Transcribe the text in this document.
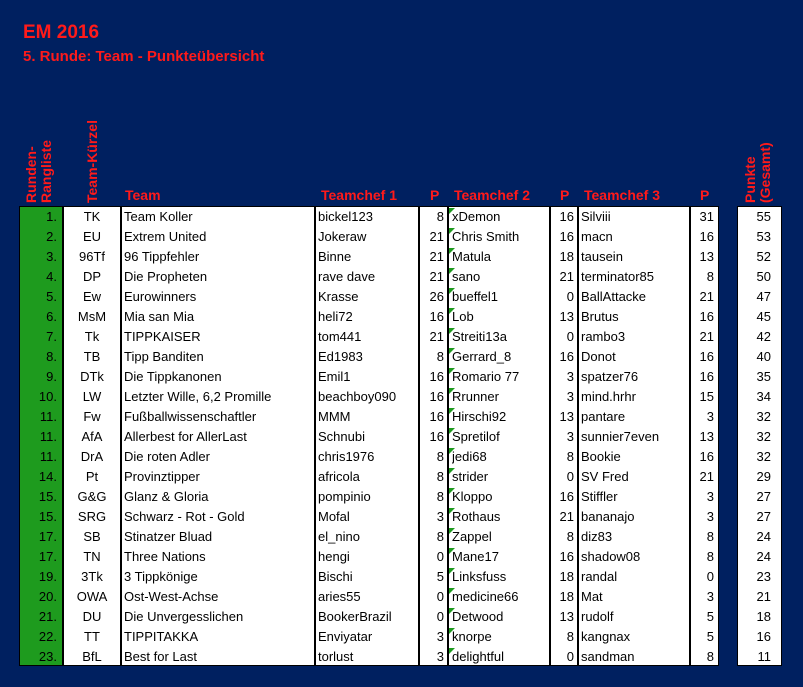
EM 2016
5. Runde: Team - Punkteübersicht
Runden- Rangliste Team-Kürzel	Punkte (Gesamt)
Team	Teamchef 1 P Teamchef 2 P Teamchef 3	P
1.	TK	Team Koller	bickel123	8 xDemon	16 Silviii	31	55
2.	EU	Extrem United	Jokeraw	21 Chris Smith	16 macn	16	53
3.	96Tf	96 Tippfehler	Binne	21 Matula	18 tausein	13	52
4.	DP	Die Propheten	rave dave	21 sano	21 terminator85	8	50
5.	Ew	Eurowinners	Krasse	26 bueffel1	0 BallAttacke	21	47
6.	MsM	Mia san Mia	heli72	16 Lob	13 Brutus	16	45
7.	Tk	TIPPKAISER	tom441	21 Streiti13a	0 rambo3	21	42
8.	TB	Tipp Banditen	Ed1983	8 Gerrard_8	16 Donot	16	40
9.	DTk	Die Tippkanonen	Emil1	16 Romario 77	3 spatzer76	16	35
10.	LW	Letzter Wille, 6,2 Promille	beachboy090	16 Rrunner	3 mind.hrhr	15	34
11.	Fw	Fußballwissenschaftler	MMM	16 Hirschi92	13 pantare	3	32
11.	AfA	Allerbest for AllerLast	Schnubi	16 Spretilof	3 sunnier7even	13	32
11.	DrA	Die roten Adler	chris1976	8 jedi68	8 Bookie	16	32
14.	Pt	Provinztipper	africola	8 strider	0 SV Fred	21	29
15.	G&G	Glanz & Gloria	pompinio	8 Kloppo	16 Stiffler	3	27
15.	SRG	Schwarz - Rot - Gold	Mofal	3 Rothaus	21 bananajo	3	27
17.	SB	Stinatzer Bluad	el_nino	8 Zappel	8 diz83	8	24
17.	TN	Three Nations	hengi	0 Mane17	16 shadow08	8	24
19.	3Tk	3 Tippkönige	Bischi	5 Linksfuss	18 randal	0	23
20.	OWA	Ost-West-Achse	aries55	0 medicine66	18 Mat	3	21
21.	DU	Die Unvergesslichen	BookerBrazil	0 Detwood	13 rudolf	5	18
22.	TT	TIPPITAKKA	Enviyatar	3 knorpe	8 kangnax	5	16
23.	BfL	Best for Last	torlust	3 delightful	0 sandman	8	11
